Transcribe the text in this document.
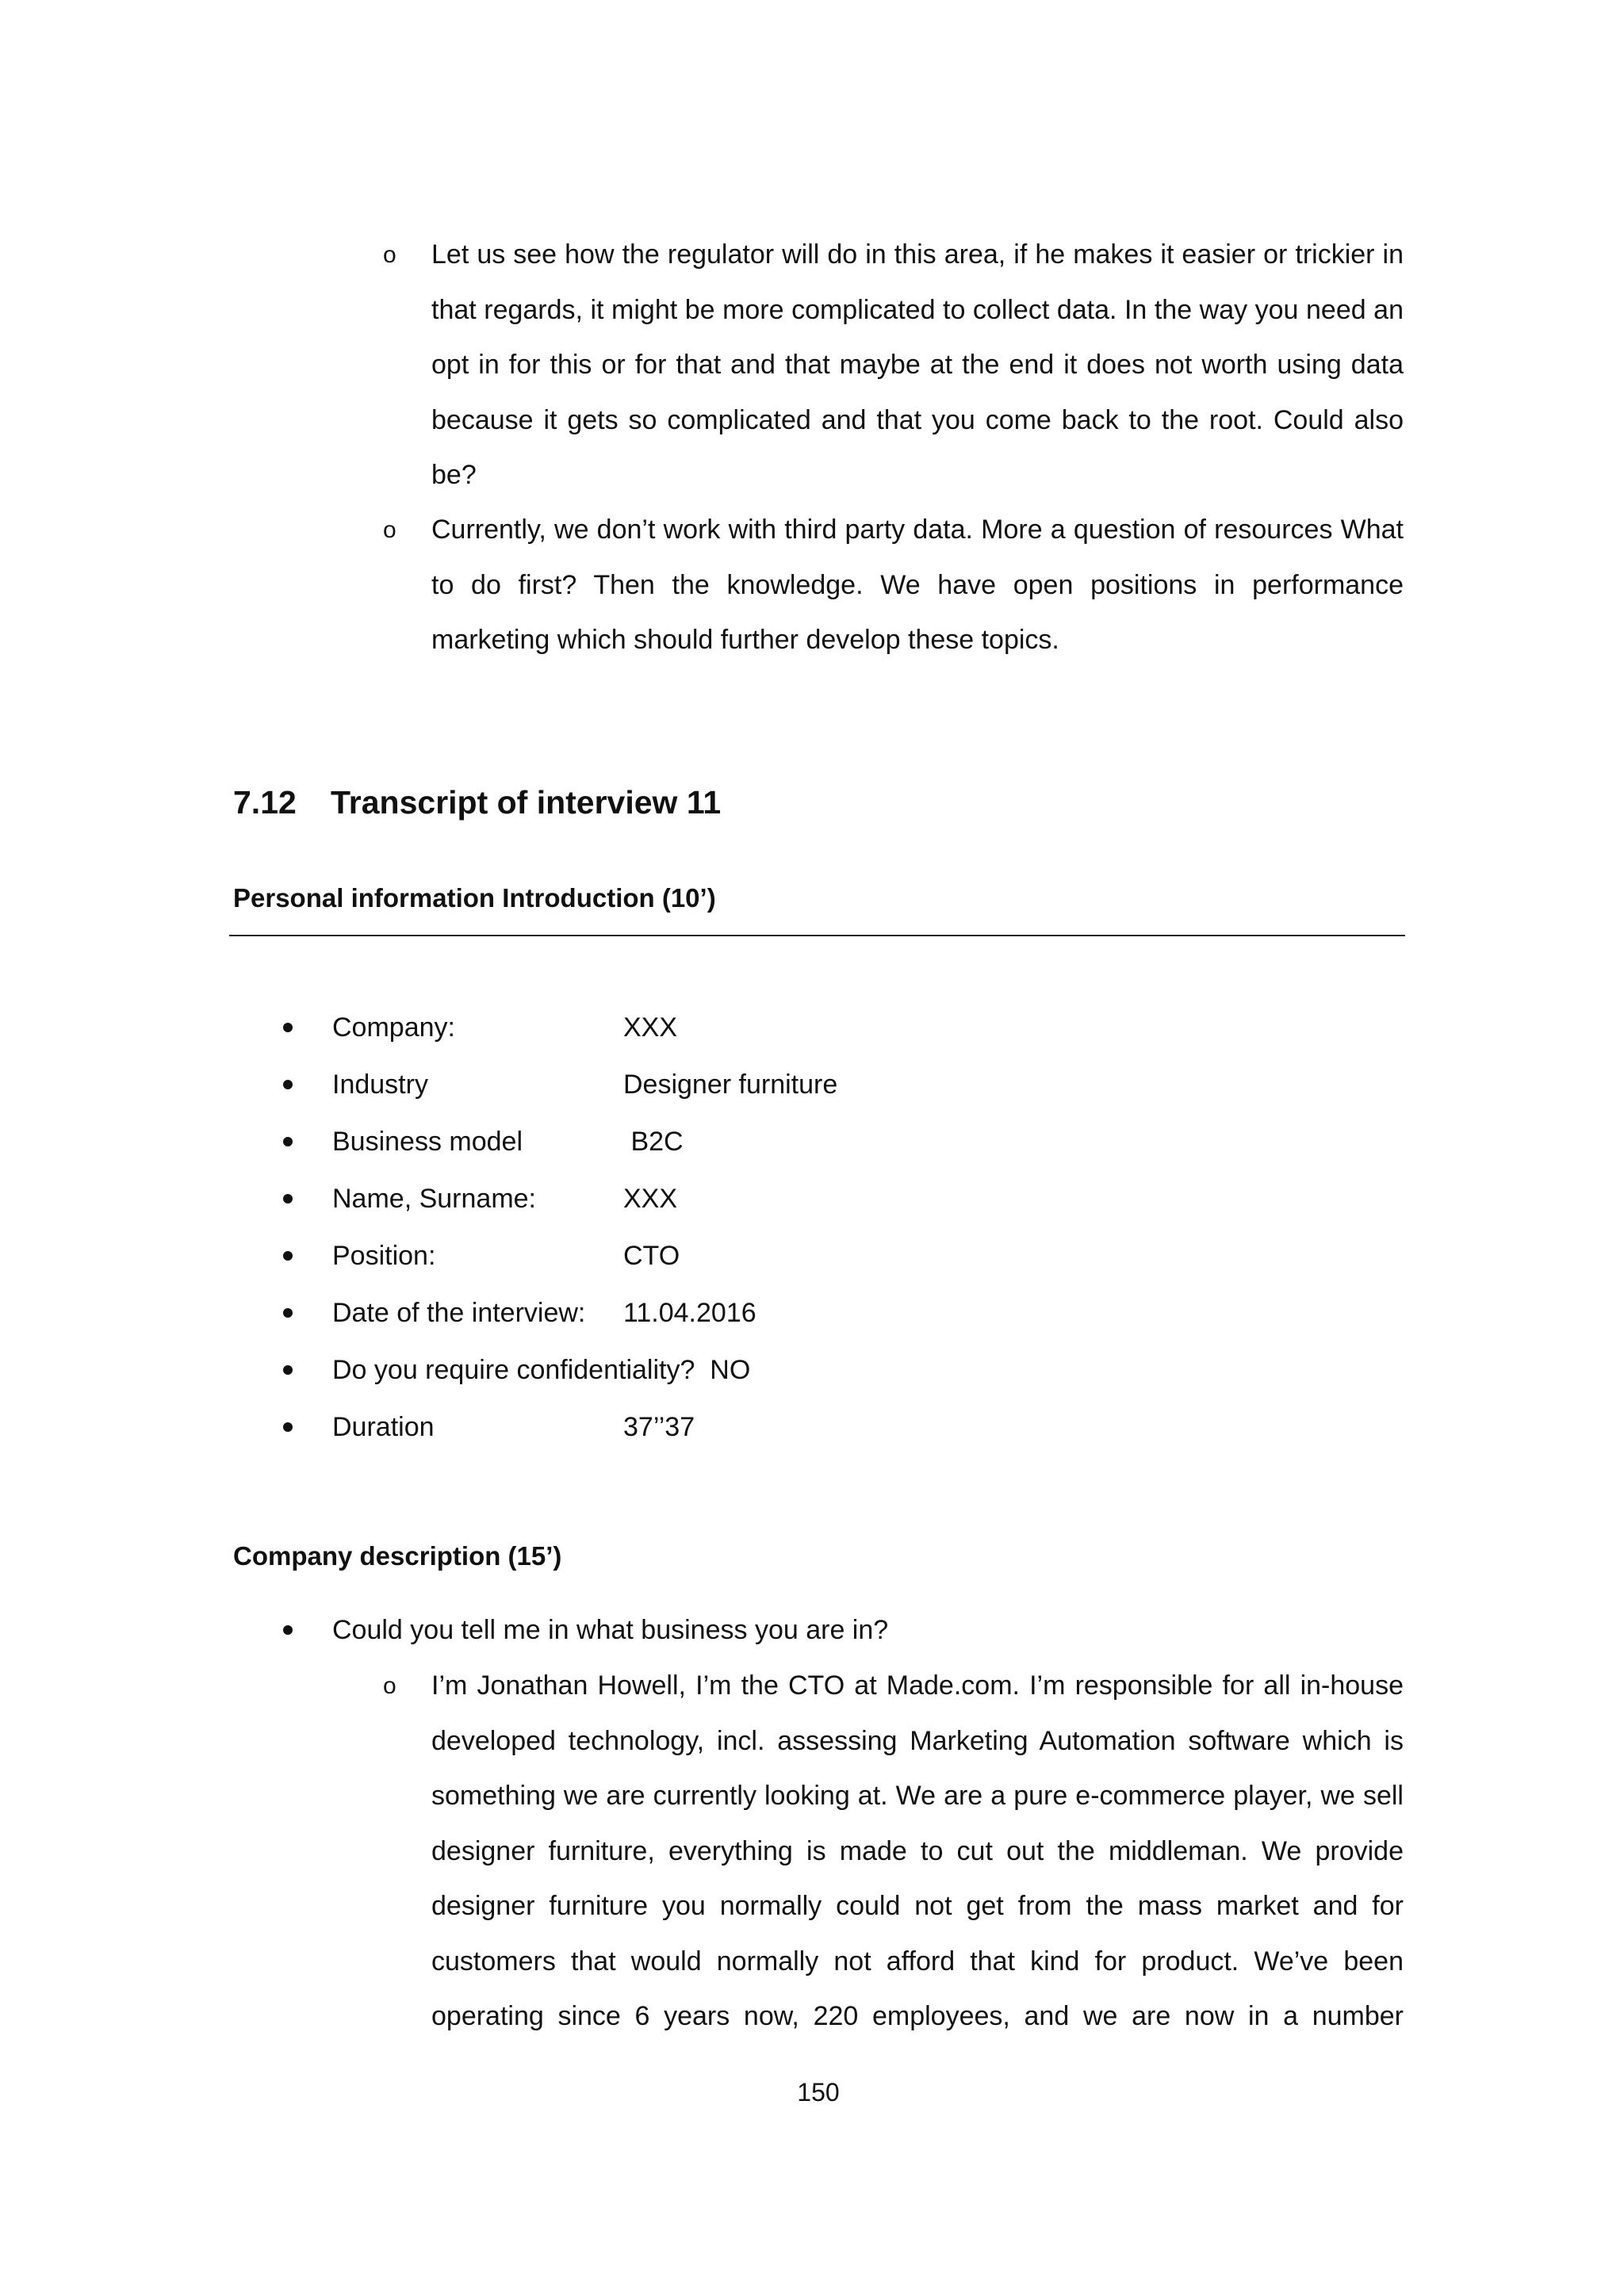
o Let us see how the regulator will do in this area, if he makes it easier or trickier in that regards, it might be more complicated to collect data. In the way you need an opt in for this or for that and that maybe at the end it does not worth using data because it gets so complicated and that you come back to the root. Could also be?

o Currently, we don’t work with third party data. More a question of resources What to do first? Then the knowledge. We have open positions in performance marketing which should further develop these topics.

7.12 Transcript of interview 11
Personal information Introduction (10’)
Company:	XXX
Industry	Designer furniture
Business model	B2C
Name, Surname:	XXX
Position:	CTO
Date of the interview: 11.04.2016
Do you require confidentiality?  NO
Duration	37’’37
Company description (15’)
Could you tell me in what business you are in?
o I’m Jonathan Howell, I’m the CTO at Made.com. I’m responsible for all in-house developed technology, incl. assessing Marketing Automation software which is something we are currently looking at. We are a pure e-commerce player, we sell designer furniture, everything is made to cut out the middleman. We provide designer furniture you normally could not get from the mass market and for customers that would normally not afford that kind for product. We’ve been operating since 6 years now, 220 employees, and we are now in a number

150
